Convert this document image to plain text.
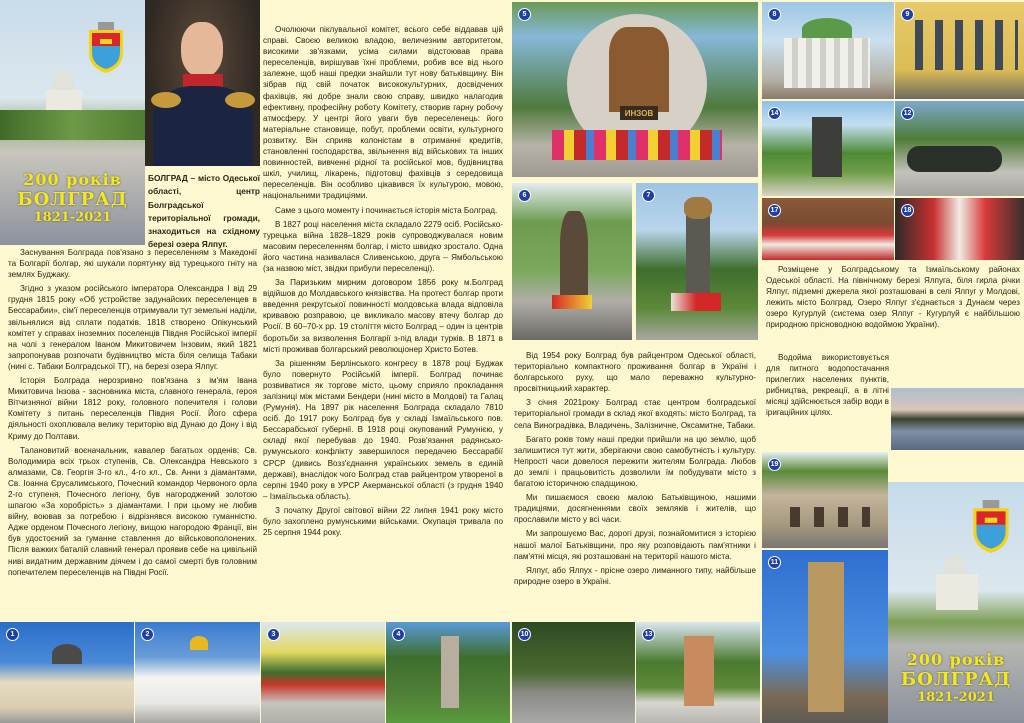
200 років
БОЛГРАД
1821-2021
БОЛГРАД – місто Одеської області, центр Болградської територіальної громади, знаходиться на східному березі озера Ялпуг.

Заснування Болграда пов'язано з переселенням з Македонії та Болгарії болгар, які шукали порятунку від турецького гніту на землях Буджаку.

Згідно з указом російського імператора Олександра І від 29 грудня 1815 року «Об устройстве задунайских переселенцев в Бессарабии», сім'ї переселенців отримували тут земельні наділи, звільнялися від сплати податків. 1818 створено Опікунський комітет у справах іноземних поселенців Півдня Російської імперії на чолі з генералом Іваном Микитовичем Інзовим, який 1821 запропонував розпочати будівництво міста біля селища Табаки (нині с. Табаки Болградської ТГ), на березі озера Ялпуг.

Історія Болграда нерозривно пов'язана з ім'ям Івана Микитовича Інзова - засновника міста, славного генерала, героя Вітчизняної війни 1812 року, головного попечителя і голови Комітету з питань переселенців Півдня Росії. Його сфера діяльності охоплювала велику територію від Дунаю до Дону і від Криму до Полтави.

Талановитий воєначальник, кавалер багатьох орденів: Св. Володимира всіх трьох ступенів, Св. Олександра Невського з алмазами, Св. Георгія 3-го кл., 4-го кл., Св. Анни з діамантами, Св. Іоанна Єрусалимського, Почесний командор Червоного орла 2-го ступеня, Почесного легіону, був нагороджений золотою шпагою «За хоробрість» з діамантами. І при цьому не любив війну, воював за потребою і відрізнявся високою гуманністю. Адже орденом Почесного легіону, вищою нагородою Франції, він був удостоєний за гуманне ставлення до військовополонених. Після важких баталій славний генерал проявив себе на цивільній ниві видатним державним діячем і до самої смерті був головним попечителем переселенців на Півдні Росії.

Очолюючи піклувальної комітет, всього себе віддавав цій справі. Своєю великою владою, величезним авторитетом, високими зв'язками, усіма силами відстоював права переселенців, вирішував їхні проблеми, робив все від нього залежне, щоб наші предки знайшли тут нову батьківщину. Він зібрав під свій початок висококультурних, досвідчених фахівців, які добре знали свою справу, швидко налагодив ефективну, професійну роботу Комітету, створив гарну робочу атмосферу. У центрі його уваги був переселенець: його матеріальне становище, побут, проблеми освіти, культурного розвитку. Він сприяв колоністам в отриманні кредитів, становленні господарства, звільнення від військових та інших повинностей, вивченні рідної та російської мов, будівництва шкіл, училищ, лікарень, підготовці фахівців з середовища переселенців. Він особливо цікавився їх культурою, мовою, національними традиціями.

Саме з цього моменту і починається історія міста Болград.

В 1827 році населення міста складало 2279 осіб. Російсько-турецька війна 1828–1829 років супроводжувалася новим масовим переселенням болгар, і місто швидко зростало. Одна його частина називалася Сливенською, друга – Ямбольською (за назвою міст, звідки прибули переселенці).

За Паризьким мирним договором 1856 року м.Болград відійшов до Молдавського князівства. На протест болгар проти введення рекрутської повинності молдовська влада відповіла кривавою розправою, це викликало масову втечу болгар до Росії. В 60–70-х рр. 19 століття місто Болград – один із центрів боротьби за визволення Болгарії з-під влади турків. В 1871 в місті проживав болгарський революціонер Христо Ботев.

За рішенням Берлінського конгресу в 1878 році Буджак було повернуто Російській імперії. Болград починає розвиватися як торгове місто, цьому сприяло прокладання залізниці між містами Бендери (нині місто в Молдові) та Галац (Румунія). На 1897 рік населення Болграда складало 7810 осіб. До 1917 року Болград був у складі Ізмаїльського пов. Бессарабської губернії. В 1918 році окупований Румунією, у складі якої перебував до 1940. Розв'язання радянсько-румунського конфлікту завершилося передачею Бессарабії СРСР (дивись Возз'єднання українських земель в єдиній державі), внаслідок чого Болград став райцентром утвореної в серпні 1940 року в УРСР Акерманської області (з грудня 1940 – Ізмаїльська область).

З початку Другої світової війни 22 липня 1941 року місто було захоплено румунськими військами. Окупація тривала по 25 серпня 1944 року.

ИНЗОВ
5
6	7

Від 1954 року Болград був райцентром Одеської області, територіально компактного проживання болгар в Україні і болгарського руху, що мало переважно культурно-просвітницький характер.

З січня 2021року Болград стає центром болградської територіальної громади в склад якої входять: місто Болград, та села Виноградівка, Владичень, Залізничне, Оксамитне, Табаки.

Багато років тому наші предки прийшли на цю землю, щоб залишитися тут жити, зберігаючи свою самобутність і культуру. Непрості часи довелося пережити жителям Болграда. Любов до землі і працьовитість дозволили їм побудувати місто з багатою історичною спадщиною.

Ми пишаємося своєю малою Батьківщиною, нашими традиціями, досягненнями своїх земляків і жителів, що прославили місто у всі часи.

Ми запрошуємо Вас, дорогі друзі, познайомитися з історією нашої малої Батьківщини, про яку розповідають пам'ятники і пам'ятні місця, які розташовані на території нашого міста.

Ялпуг, або Ялпух - прісне озеро лиманного типу, найбільше природне озеро в Україні.

8	9
14	12
17	18

Розміщене у Болградському та Ізмаїльському районах Одеської області. На північному березі Ялпуга, біля гирла річки Ялпуг, підземні джерела якої розташовані в селі Ялпуг у Молдові, лежить місто Болград. Озеро Ялпуг з'єднається з Дунаєм через озеро Кугурлуй (система озер Ялпуг - Кугурлуй є найбільшою природною прісноводною водоймою України).

Водойма використовується для питного водопостачання прилеглих населених пунктів, рибництва, рекреації, а в літні місяці здійснюється забір води в іригаційних цілях.

19
11
200 років
БОЛГРАД
1821-2021
1	2	3	4	10	13
